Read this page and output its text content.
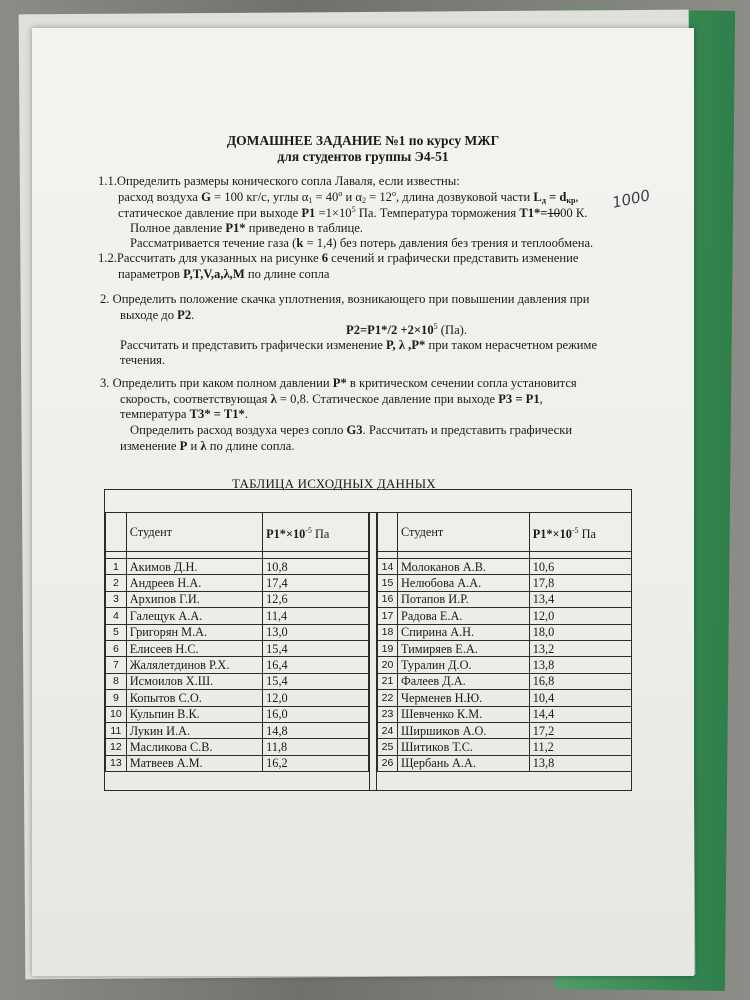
ДОМАШНЕЕ ЗАДАНИЕ №1 по курсу МЖГ
для студентов группы Э4-51
1.1.Определить размеры конического сопла Лаваля, если известны:
расход воздуха G = 100 кг/с, углы $\alpha_1 = 40^o$ и $\alpha_2 = 12^o$, длина дозвуковой части $L_д = d_{кр}$,
статическое давление при выходе $P1 =1\times 10^5$ Па. Температура торможения T1*=1000 К.
1000
Полное давление P1* приведено в таблице.
Рассматривается течение газа (k = 1,4) без потерь давления без трения и теплообмена.
1.2.Рассчитать для указанных на рисунке 6 сечений и графически представить изменение
параметров P,T,V,a,λ,M по длине сопла
2. Определить положение скачка уплотнения, возникающего при повышении давления при
выходе до P2.
$P2=P1*/2 +2\times 10^5$ (Па).
Рассчитать и представить графически изменение P, λ ,P* при таком нерасчетном режиме
течения.
3. Определить при каком полном давлении P* в критическом сечении сопла установится
скорость, соответствующая λ = 0,8. Статическое давление при выходе P3 = P1,
температура T3* = T1*.
Определить расход воздуха через сопло G3. Рассчитать и представить графически
изменение P и λ по длине сопла.
ТАБЛИЦА ИСХОДНЫХ ДАННЫХ
	Студент	$P1*\times 10^{-5}$ Па

1	Акимов Д.Н.	10,8
2	Андреев Н.А.	17,4
3	Архипов Г.И.	12,6
4	Галещук А.А.	11,4
5	Григорян М.А.	13,0
6	Елисеев Н.С.	15,4
7	Жалялетдинов Р.Х.	16,4
8	Исмоилов Х.Ш.	15,4
9	Копытов С.О.	12,0
10	Кульпин В.К.	16,0
11	Лукин И.А.	14,8
12	Масликова С.В.	11,8
13	Матвеев А.М.	16,2
	Студент	$P1*\times 10^{-5}$ Па

14	Молоканов А.В.	10,6
15	Нелюбова А.А.	17,8
16	Потапов И.Р.	13,4
17	Радова Е.А.	12,0
18	Спирина А.Н.	18,0
19	Тимиряев Е.А.	13,2
20	Туралин Д.О.	13,8
21	Фалеев Д.А.	16,8
22	Черменев Н.Ю.	10,4
23	Шевченко К.М.	14,4
24	Ширшиков А.О.	17,2
25	Шитиков Т.С.	11,2
26	Щербань А.А.	13,8
